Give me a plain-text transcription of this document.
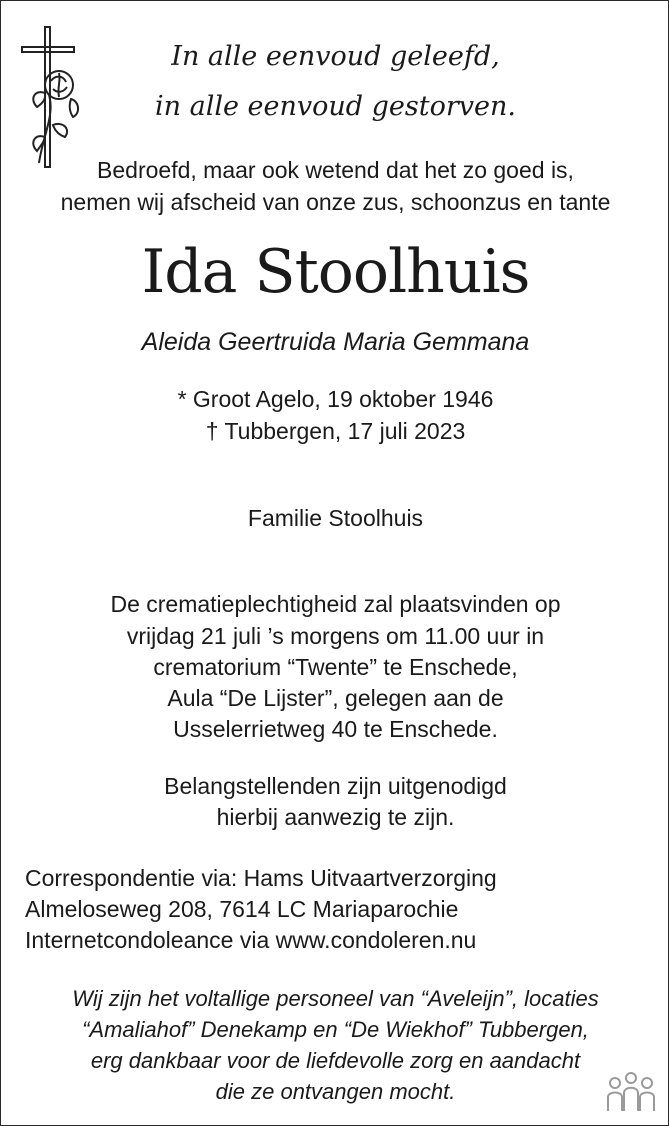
In alle eenvoud geleefd,
in alle eenvoud gestorven.
Bedroefd, maar ook wetend dat het zo goed is,
nemen wij afscheid van onze zus, schoonzus en tante
Ida Stoolhuis
Aleida Geertruida Maria Gemmana
* Groot Agelo, 19 oktober 1946
† Tubbergen, 17 juli 2023
Familie Stoolhuis
De crematieplechtigheid zal plaatsvinden op
vrijdag 21 juli ’s morgens om 11.00 uur in
crematorium “Twente” te Enschede,
Aula “De Lijster”, gelegen aan de
Usselerrietweg 40 te Enschede.
Belangstellenden zijn uitgenodigd
hierbij aanwezig te zijn.
Correspondentie via: Hams Uitvaartverzorging
Almeloseweg 208, 7614 LC Mariaparochie
Internetcondoleance via www.condoleren.nu
Wij zijn het voltallige personeel van “Aveleijn”, locaties
“Amaliahof” Denekamp en “De Wiekhof” Tubbergen,
erg dankbaar voor de liefdevolle zorg en aandacht
die ze ontvangen mocht.
